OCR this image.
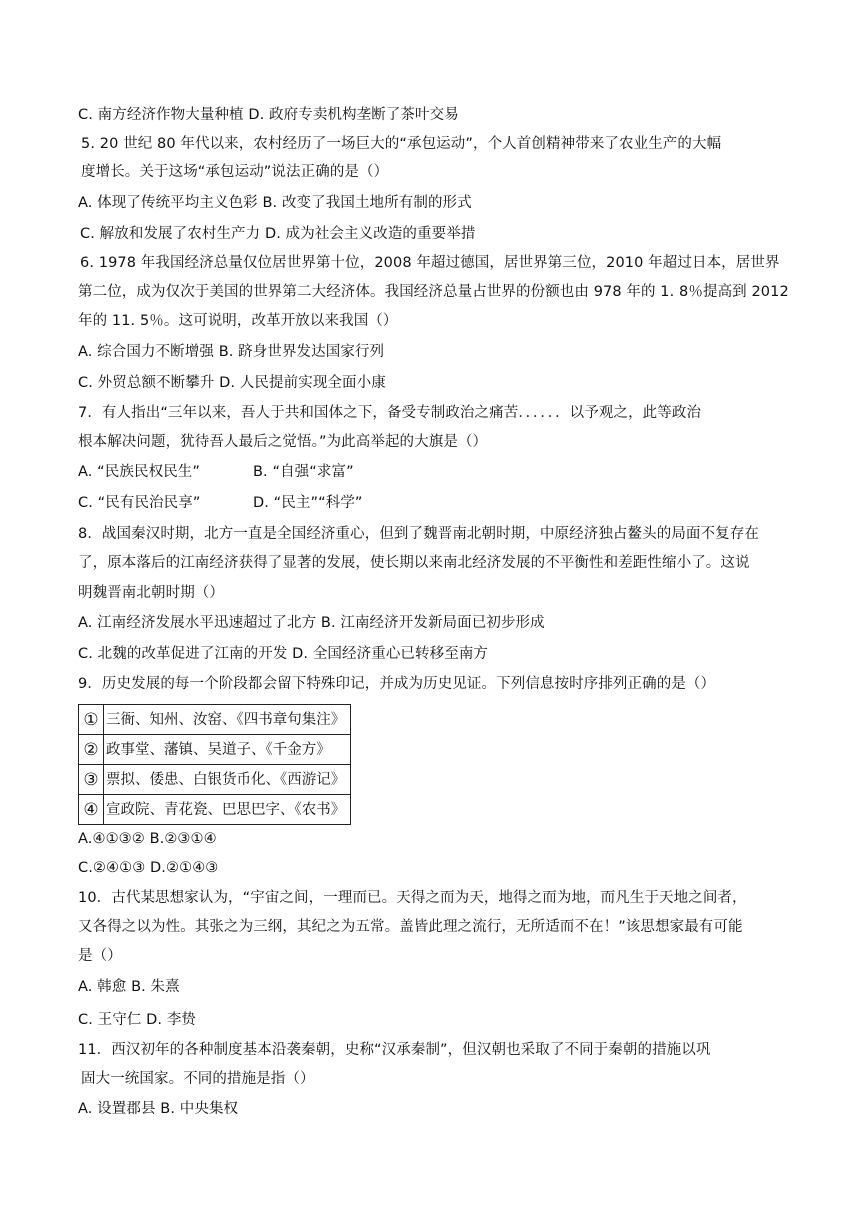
C. 南方经济作物大量种植 D. 政府专卖机构垄断了茶叶交易
5. 20 世纪 80 年代以来，农村经历了一场巨大的“承包运动”，个人首创精神带来了农业生产的大幅
度增长。关于这场“承包运动”说法正确的是（）
A. 体现了传统平均主义色彩 B. 改变了我国土地所有制的形式
C. 解放和发展了农村生产力 D. 成为社会主义改造的重要举措
6. 1978 年我国经济总量仅位居世界第十位，2008 年超过德国，居世界第三位，2010 年超过日本，居世界
第二位，成为仅次于美国的世界第二大经济体。我国经济总量占世界的份额也由 978 年的 1. 8％提高到 2012
年的 11. 5％。这可说明，改革开放以来我国（）
A. 综合国力不断增强 B. 跻身世界发达国家行列
C. 外贸总额不断攀升 D. 人民提前实现全面小康
7．有人指出“三年以来，吾人于共和国体之下，备受专制政治之痛苦．．．．．．以予观之，此等政治
根本解决问题，犹待吾人最后之觉悟。”为此高举起的大旗是（）
A. “民族民权民生”	B. “自强“求富”
C. “民有民治民享”	D. “民主”“科学”
8．战国秦汉时期，北方一直是全国经济重心，但到了魏晋南北朝时期，中原经济独占鳌头的局面不复存在
了，原本落后的江南经济获得了显著的发展，使长期以来南北经济发展的不平衡性和差距性缩小了。这说
明魏晋南北朝时期（）
A. 江南经济发展水平迅速超过了北方 B. 江南经济开发新局面已初步形成
C. 北魏的改革促进了江南的开发 D. 全国经济重心已转移至南方
9．历史发展的每一个阶段都会留下特殊印记，并成为历史见证。下列信息按时序排列正确的是（）
①	三衙、知州、汝窑、《四书章句集注》
②	政事堂、藩镇、吴道子、《千金方》
③	票拟、倭患、白银货币化、《西游记》
④	宣政院、青花瓷、巴思巴字、《农书》
A.④①③② B.②③①④
C.②④①③ D.②①④③
10．古代某思想家认为，“宇宙之间，一理而已。天得之而为天，地得之而为地，而凡生于天地之间者，
又各得之以为性。其张之为三纲，其纪之为五常。盖皆此理之流行，无所适而不在！”该思想家最有可能
是（）
A. 韩愈 B. 朱熹
C. 王守仁 D. 李贽
11．西汉初年的各种制度基本沿袭秦朝，史称“汉承秦制”，但汉朝也采取了不同于秦朝的措施以巩
固大一统国家。不同的措施是指（）
A. 设置郡县 B. 中央集权
